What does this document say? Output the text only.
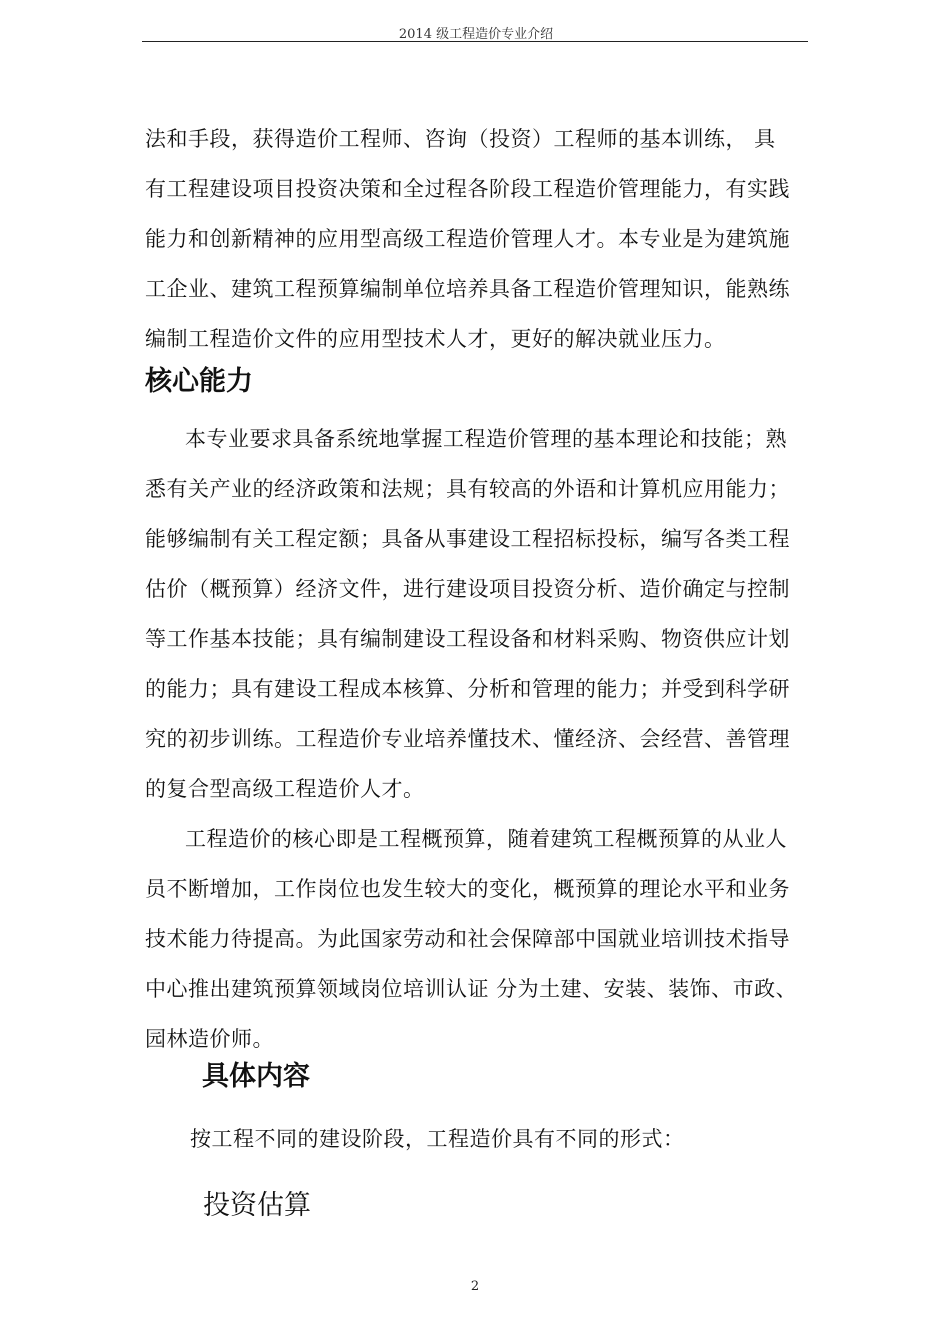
2014 级工程造价专业介绍
法和手段，获得造价工程师、咨询（投资）工程师的基本训练， 具
有工程建设项目投资决策和全过程各阶段工程造价管理能力，有实践
能力和创新精神的应用型高级工程造价管理人才。本专业是为建筑施
工企业、建筑工程预算编制单位培养具备工程造价管理知识，能熟练
编制工程造价文件的应用型技术人才，更好的解决就业压力。
核心能力
本专业要求具备系统地掌握工程造价管理的基本理论和技能；熟
悉有关产业的经济政策和法规；具有较高的外语和计算机应用能力；
能够编制有关工程定额；具备从事建设工程招标投标，编写各类工程
估价（概预算）经济文件，进行建设项目投资分析、造价确定与控制
等工作基本技能；具有编制建设工程设备和材料采购、物资供应计划
的能力；具有建设工程成本核算、分析和管理的能力；并受到科学研
究的初步训练。工程造价专业培养懂技术、懂经济、会经营、善管理
的复合型高级工程造价人才。
工程造价的核心即是工程概预算，随着建筑工程概预算的从业人
员不断增加，工作岗位也发生较大的变化，概预算的理论水平和业务
技术能力待提高。为此国家劳动和社会保障部中国就业培训技术指导
中心推出建筑预算领域岗位培训认证 分为土建、安装、装饰、市政、
园林造价师。
具体内容
按工程不同的建设阶段，工程造价具有不同的形式：
投资估算
2
